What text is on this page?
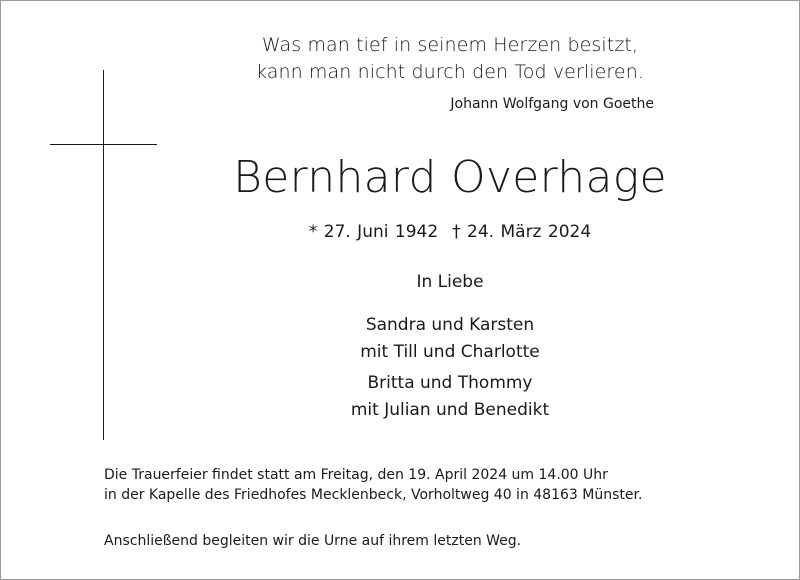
Was man tief in seinem Herzen besitzt,
kann man nicht durch den Tod verlieren.
Johann Wolfgang von Goethe
Bernhard Overhage
* 27. Juni 1942 † 24. März 2024
In Liebe
Sandra und Karsten
mit Till und Charlotte
Britta und Thommy
mit Julian und Benedikt
Die Trauerfeier findet statt am Freitag, den 19. April 2024 um 14.00 Uhr
in der Kapelle des Friedhofes Mecklenbeck, Vorholtweg 40 in 48163 Münster.
Anschließend begleiten wir die Urne auf ihrem letzten Weg.
